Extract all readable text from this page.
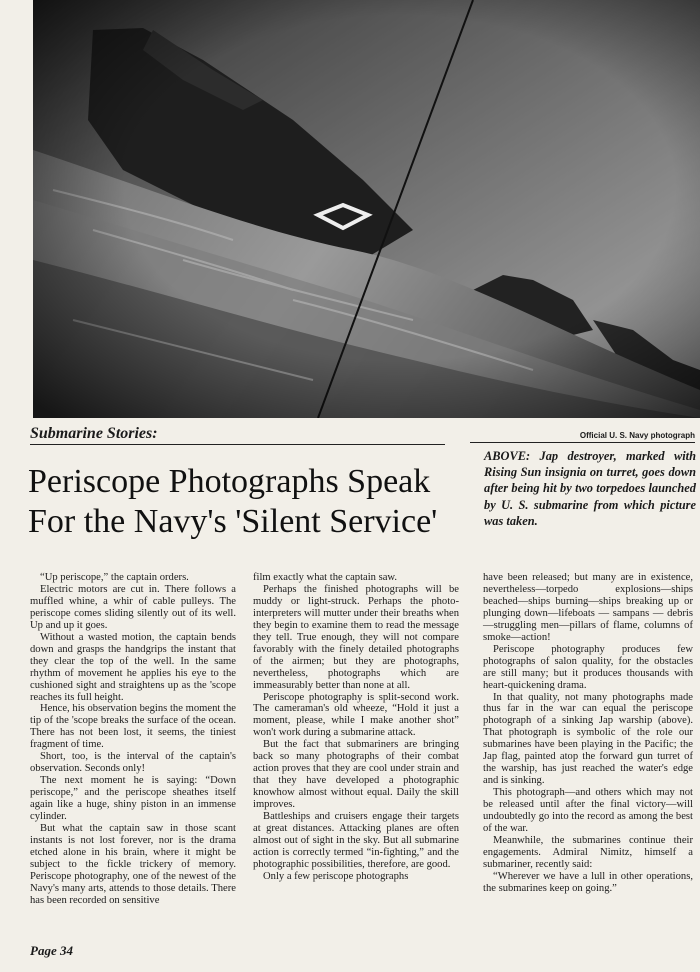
Submarine Stories:	Official U. S. Navy photograph

Periscope Photographs Speak
For the Navy's 'Silent Service'

ABOVE: Jap destroyer, marked with Rising Sun insignia on turret, goes down after being hit by two torpedoes launched by U. S. submarine from which picture was taken.

“Up periscope,” the captain orders.

Electric motors are cut in. There follows a muffled whine, a whir of cable pulleys. The periscope comes sliding silently out of its well. Up and up it goes.

Without a wasted motion, the captain bends down and grasps the handgrips the instant that they clear the top of the well. In the same rhythm of movement he applies his eye to the cushioned sight and straightens up as the 'scope reaches its full height.

Hence, his observation begins the moment the tip of the 'scope breaks the surface of the ocean. There has not been lost, it seems, the tiniest fragment of time.

Short, too, is the interval of the captain's observation. Seconds only!

The next moment he is saying: “Down periscope,” and the periscope sheathes itself again like a huge, shiny piston in an immense cylinder.

But what the captain saw in those scant instants is not lost forever, nor is the drama etched alone in his brain, where it might be subject to the fickle trickery of memory. Periscope photography, one of the newest of the Navy's many arts, attends to those details. There has been recorded on sensitive

film exactly what the captain saw.

Perhaps the finished photographs will be muddy or light-struck. Perhaps the photo-interpreters will mutter under their breaths when they begin to examine them to read the message they tell. True enough, they will not compare favorably with the finely detailed photographs of the airmen; but they are photographs, nevertheless, photographs which are immeasurably better than none at all.

Periscope photography is split-second work. The cameraman's old wheeze, “Hold it just a moment, please, while I make another shot” won't work during a submarine attack.

But the fact that submariners are bringing back so many photographs of their combat action proves that they are cool under strain and that they have developed a photographic knowhow almost without equal. Daily the skill improves.

Battleships and cruisers engage their targets at great distances. Attacking planes are often almost out of sight in the sky. But all submarine action is correctly termed “in-fighting,” and the photographic possibilities, therefore, are good.

Only a few periscope photographs

have been released; but many are in existence, nevertheless—torpedo explosions—ships beached—ships burning—ships breaking up or plunging down—lifeboats — sampans — debris—struggling men—pillars of flame, columns of smoke—action!

Periscope photography produces few photographs of salon quality, for the obstacles are still many; but it produces thousands with heart-quickening drama.

In that quality, not many photographs made thus far in the war can equal the periscope photograph of a sinking Jap warship (above). That photograph is symbolic of the role our submarines have been playing in the Pacific; the Jap flag, painted atop the forward gun turret of the warship, has just reached the water's edge and is sinking.

This photograph—and others which may not be released until after the final victory—will undoubtedly go into the record as among the best of the war.

Meanwhile, the submarines continue their engagements. Admiral Nimitz, himself a submariner, recently said:

“Wherever we have a lull in other operations, the submarines keep on going.”

Page 34
